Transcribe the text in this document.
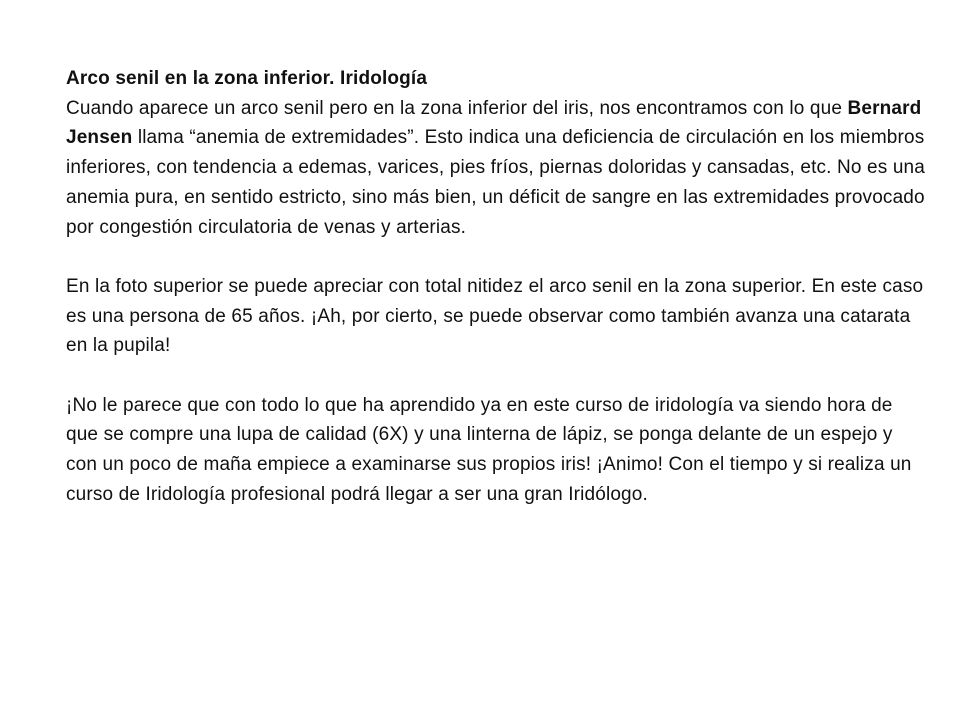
Arco senil en la zona inferior. Iridología

Cuando aparece un arco senil pero en la zona inferior del iris, nos encontramos con lo que Bernard Jensen llama “anemia de extremidades”. Esto indica una deficiencia de circulación en los miembros inferiores, con tendencia a edemas, varices, pies fríos, piernas doloridas y cansadas, etc. No es una anemia pura, en sentido estricto, sino más bien, un déficit de sangre en las extremidades provocado por congestión circulatoria de venas y arterias.

En la foto superior se puede apreciar con total nitidez el arco senil en la zona superior. En este caso es una persona de 65 años. ¡Ah, por cierto, se puede observar como también avanza una catarata en la pupila!

¡No le parece que con todo lo que ha aprendido ya en este curso de iridología va siendo hora de que se compre una lupa de calidad (6X) y una linterna de lápiz, se ponga delante de un espejo y con un poco de maña empiece a examinarse sus propios iris! ¡Animo! Con el tiempo y si realiza un curso de Iridología profesional podrá llegar a ser una gran Iridólogo.
